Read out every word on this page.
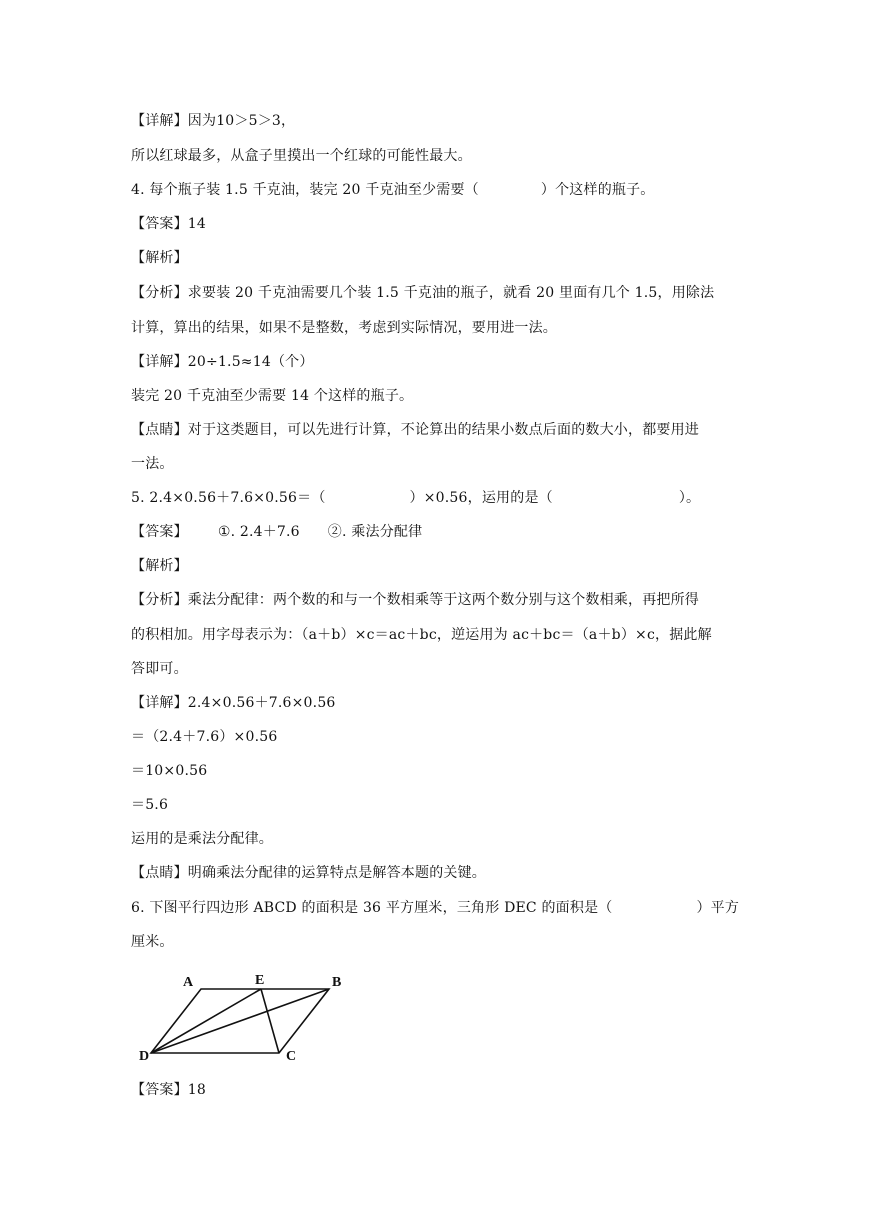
【详解】因为10＞5＞3，
所以红球最多，从盒子里摸出一个红球的可能性最大。
4. 每个瓶子装 1.5 千克油，装完 20 千克油至少需要（	）个这样的瓶子。
【答案】14
【解析】
【分析】求要装 20 千克油需要几个装 1.5 千克油的瓶子，就看 20 里面有几个 1.5，用除法
计算，算出的结果，如果不是整数，考虑到实际情况，要用进一法。
【详解】20÷1.5≈14（个）
装完 20 千克油至少需要 14 个这样的瓶子。
【点睛】对于这类题目，可以先进行计算，不论算出的结果小数点后面的数大小，都要用进
一法。
5. 2.4×0.56＋7.6×0.56＝（	）×0.56，运用的是（	）。
【答案】 ①. 2.4＋7.6 ②. 乘法分配律
【解析】
【分析】乘法分配律：两个数的和与一个数相乘等于这两个数分别与这个数相乘，再把所得
的积相加。用字母表示为：（a＋b）×c＝ac＋bc，逆运用为 ac＋bc＝（a＋b）×c，据此解
答即可。
【详解】2.4×0.56＋7.6×0.56
＝（2.4＋7.6）×0.56
＝10×0.56
＝5.6
运用的是乘法分配律。
【点睛】明确乘法分配律的运算特点是解答本题的关键。
6. 下图平行四边形 ABCD 的面积是 36 平方厘米，三角形 DEC 的面积是（	）平方
厘米。
A	E	B
D	C
【答案】18
